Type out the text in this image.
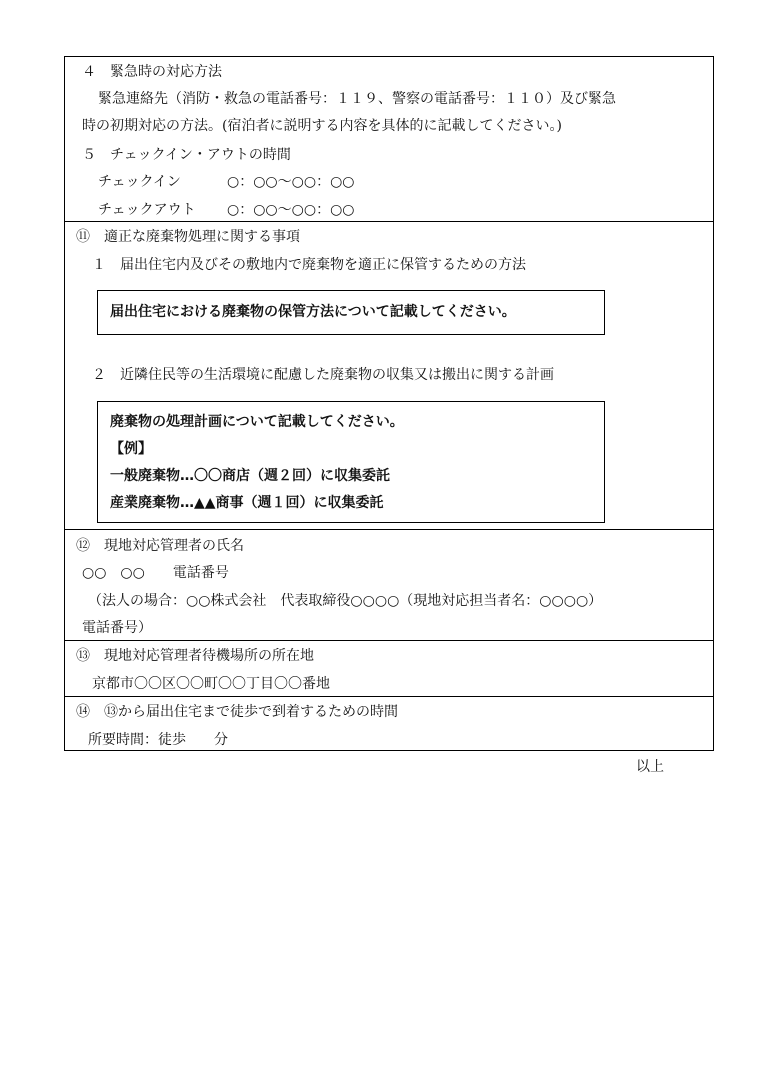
４　緊急時の対応方法
緊急連絡先（消防・救急の電話番号：１１９、警察の電話番号：１１０）及び緊急
時の初期対応の方法。(宿泊者に説明する内容を具体的に記載してください。)
５　チェックイン・アウトの時間
チェックイン	○：○○～○○：○○
チェックアウト ○：○○～○○：○○
⑪　適正な廃棄物処理に関する事項
１　届出住宅内及びその敷地内で廃棄物を適正に保管するための方法
届出住宅における廃棄物の保管方法について記載してください。
２　近隣住民等の生活環境に配慮した廃棄物の収集又は搬出に関する計画
廃棄物の処理計画について記載してください。
【例】
一般廃棄物…〇〇商店（週２回）に収集委託
産業廃棄物…▲▲商事（週１回）に収集委託
⑫　現地対応管理者の氏名
○○　○○　　電話番号
（法人の場合：○○株式会社　代表取締役○○○○（現地対応担当者名：○○○○）
電話番号）
⑬　現地対応管理者待機場所の所在地
京都市〇〇区〇〇町〇〇丁目〇〇番地
⑭　⑬から届出住宅まで徒歩で到着するための時間
所要時間：徒歩　　分
以上
